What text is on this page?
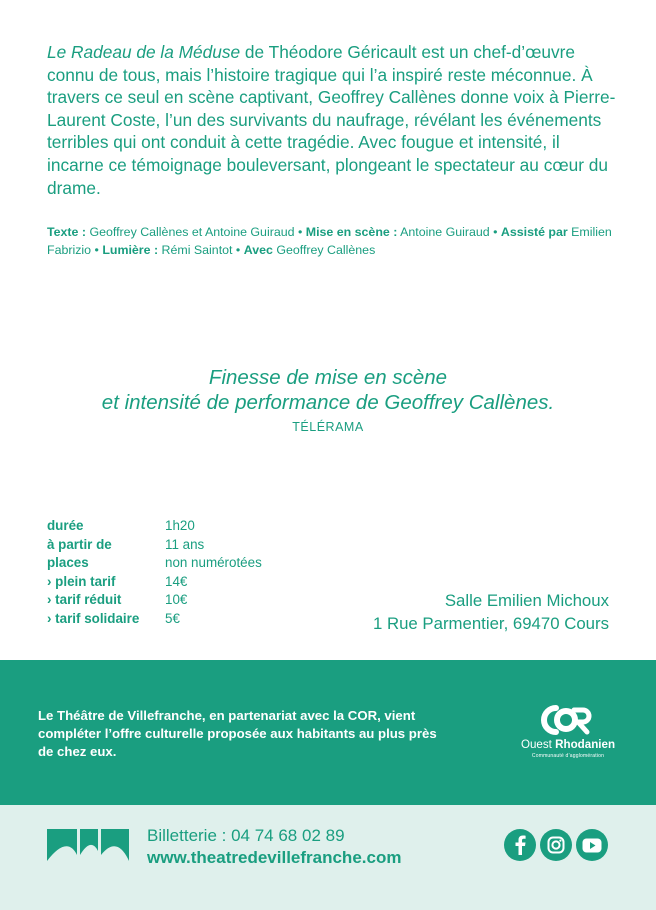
Le Radeau de la Méduse de Théodore Géricault est un chef-d’œuvre connu de tous, mais l’histoire tragique qui l’a inspiré reste méconnue. À travers ce seul en scène captivant, Geoffrey Callènes donne voix à Pierre-Laurent Coste, l’un des survivants du naufrage, révélant les événements terribles qui ont conduit à cette tragédie. Avec fougue et intensité, il incarne ce témoignage bouleversant, plongeant le spectateur au cœur du drame.
Texte : Geoffrey Callènes et Antoine Guiraud • Mise en scène : Antoine Guiraud • Assisté par Emilien Fabrizio • Lumière : Rémi Saintot • Avec Geoffrey Callènes
Finesse de mise en scène
et intensité de performance de Geoffrey Callènes.
TÉLÉRAMA
durée	1h20
à partir de	11 ans
places	non numérotées
› plein tarif	14€
› tarif réduit	10€
› tarif solidaire	5€
Salle Emilien Michoux
1 Rue Parmentier, 69470 Cours
Le Théâtre de Villefranche, en partenariat avec la COR, vient compléter l’offre culturelle proposée aux habitants au plus près de chez eux.	Ouest Rhodanien
Communauté d’agglomération
Billetterie : 04 74 68 02 89
www.theatredevillefranche.com
